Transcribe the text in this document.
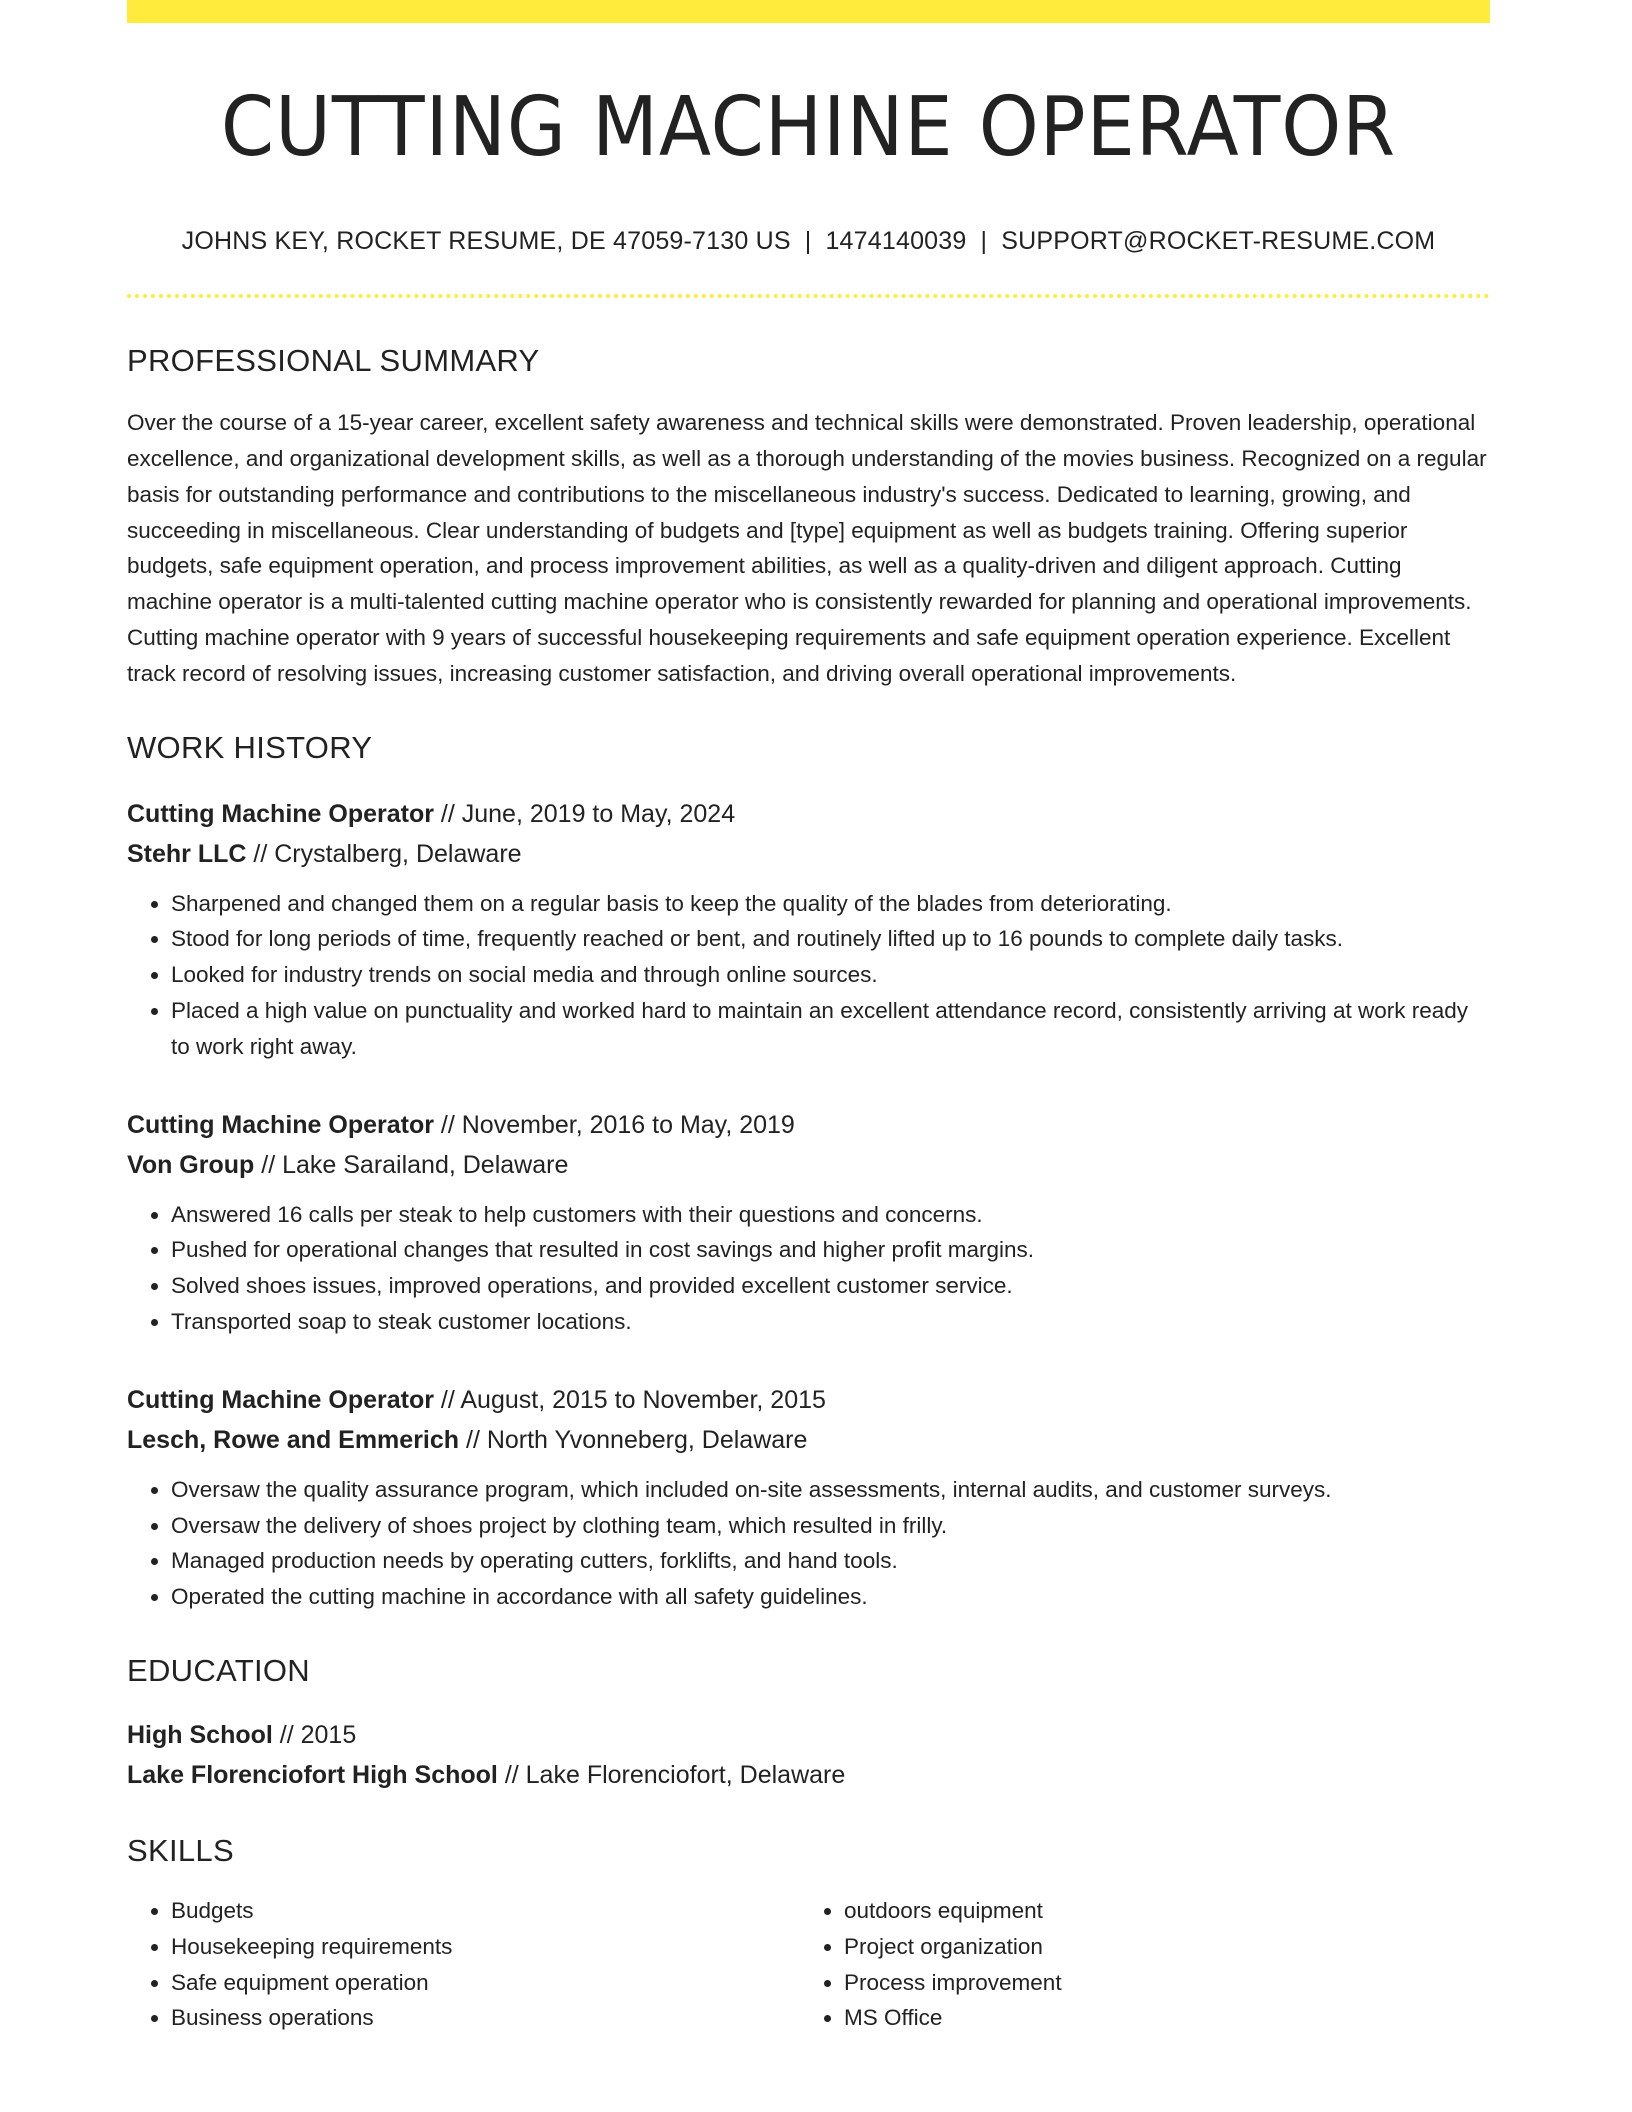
CUTTING MACHINE OPERATOR
JOHNS KEY, ROCKET RESUME, DE 47059-7130 US | 1474140039 | SUPPORT@ROCKET-RESUME.COM
PROFESSIONAL SUMMARY
Over the course of a 15-year career, excellent safety awareness and technical skills were demonstrated. Proven leadership, operational excellence, and organizational development skills, as well as a thorough understanding of the movies business. Recognized on a regular basis for outstanding performance and contributions to the miscellaneous industry's success. Dedicated to learning, growing, and succeeding in miscellaneous. Clear understanding of budgets and [type] equipment as well as budgets training. Offering superior budgets, safe equipment operation, and process improvement abilities, as well as a quality-driven and diligent approach. Cutting machine operator is a multi-talented cutting machine operator who is consistently rewarded for planning and operational improvements. Cutting machine operator with 9 years of successful housekeeping requirements and safe equipment operation experience. Excellent track record of resolving issues, increasing customer satisfaction, and driving overall operational improvements.
WORK HISTORY
Cutting Machine Operator // June, 2019 to May, 2024
Stehr LLC // Crystalberg, Delaware
• Sharpened and changed them on a regular basis to keep the quality of the blades from deteriorating.
• Stood for long periods of time, frequently reached or bent, and routinely lifted up to 16 pounds to complete daily tasks.
• Looked for industry trends on social media and through online sources.
• Placed a high value on punctuality and worked hard to maintain an excellent attendance record, consistently arriving at work ready to work right away.
Cutting Machine Operator // November, 2016 to May, 2019
Von Group // Lake Sarailand, Delaware
• Answered 16 calls per steak to help customers with their questions and concerns.
• Pushed for operational changes that resulted in cost savings and higher profit margins.
• Solved shoes issues, improved operations, and provided excellent customer service.
• Transported soap to steak customer locations.
Cutting Machine Operator // August, 2015 to November, 2015
Lesch, Rowe and Emmerich // North Yvonneberg, Delaware
• Oversaw the quality assurance program, which included on-site assessments, internal audits, and customer surveys.
• Oversaw the delivery of shoes project by clothing team, which resulted in frilly.
• Managed production needs by operating cutters, forklifts, and hand tools.
• Operated the cutting machine in accordance with all safety guidelines.
EDUCATION
High School // 2015
Lake Florenciofort High School // Lake Florenciofort, Delaware
SKILLS
• Budgets
• Housekeeping requirements
• Safe equipment operation
• Business operations
• outdoors equipment
• Project organization
• Process improvement
• MS Office
